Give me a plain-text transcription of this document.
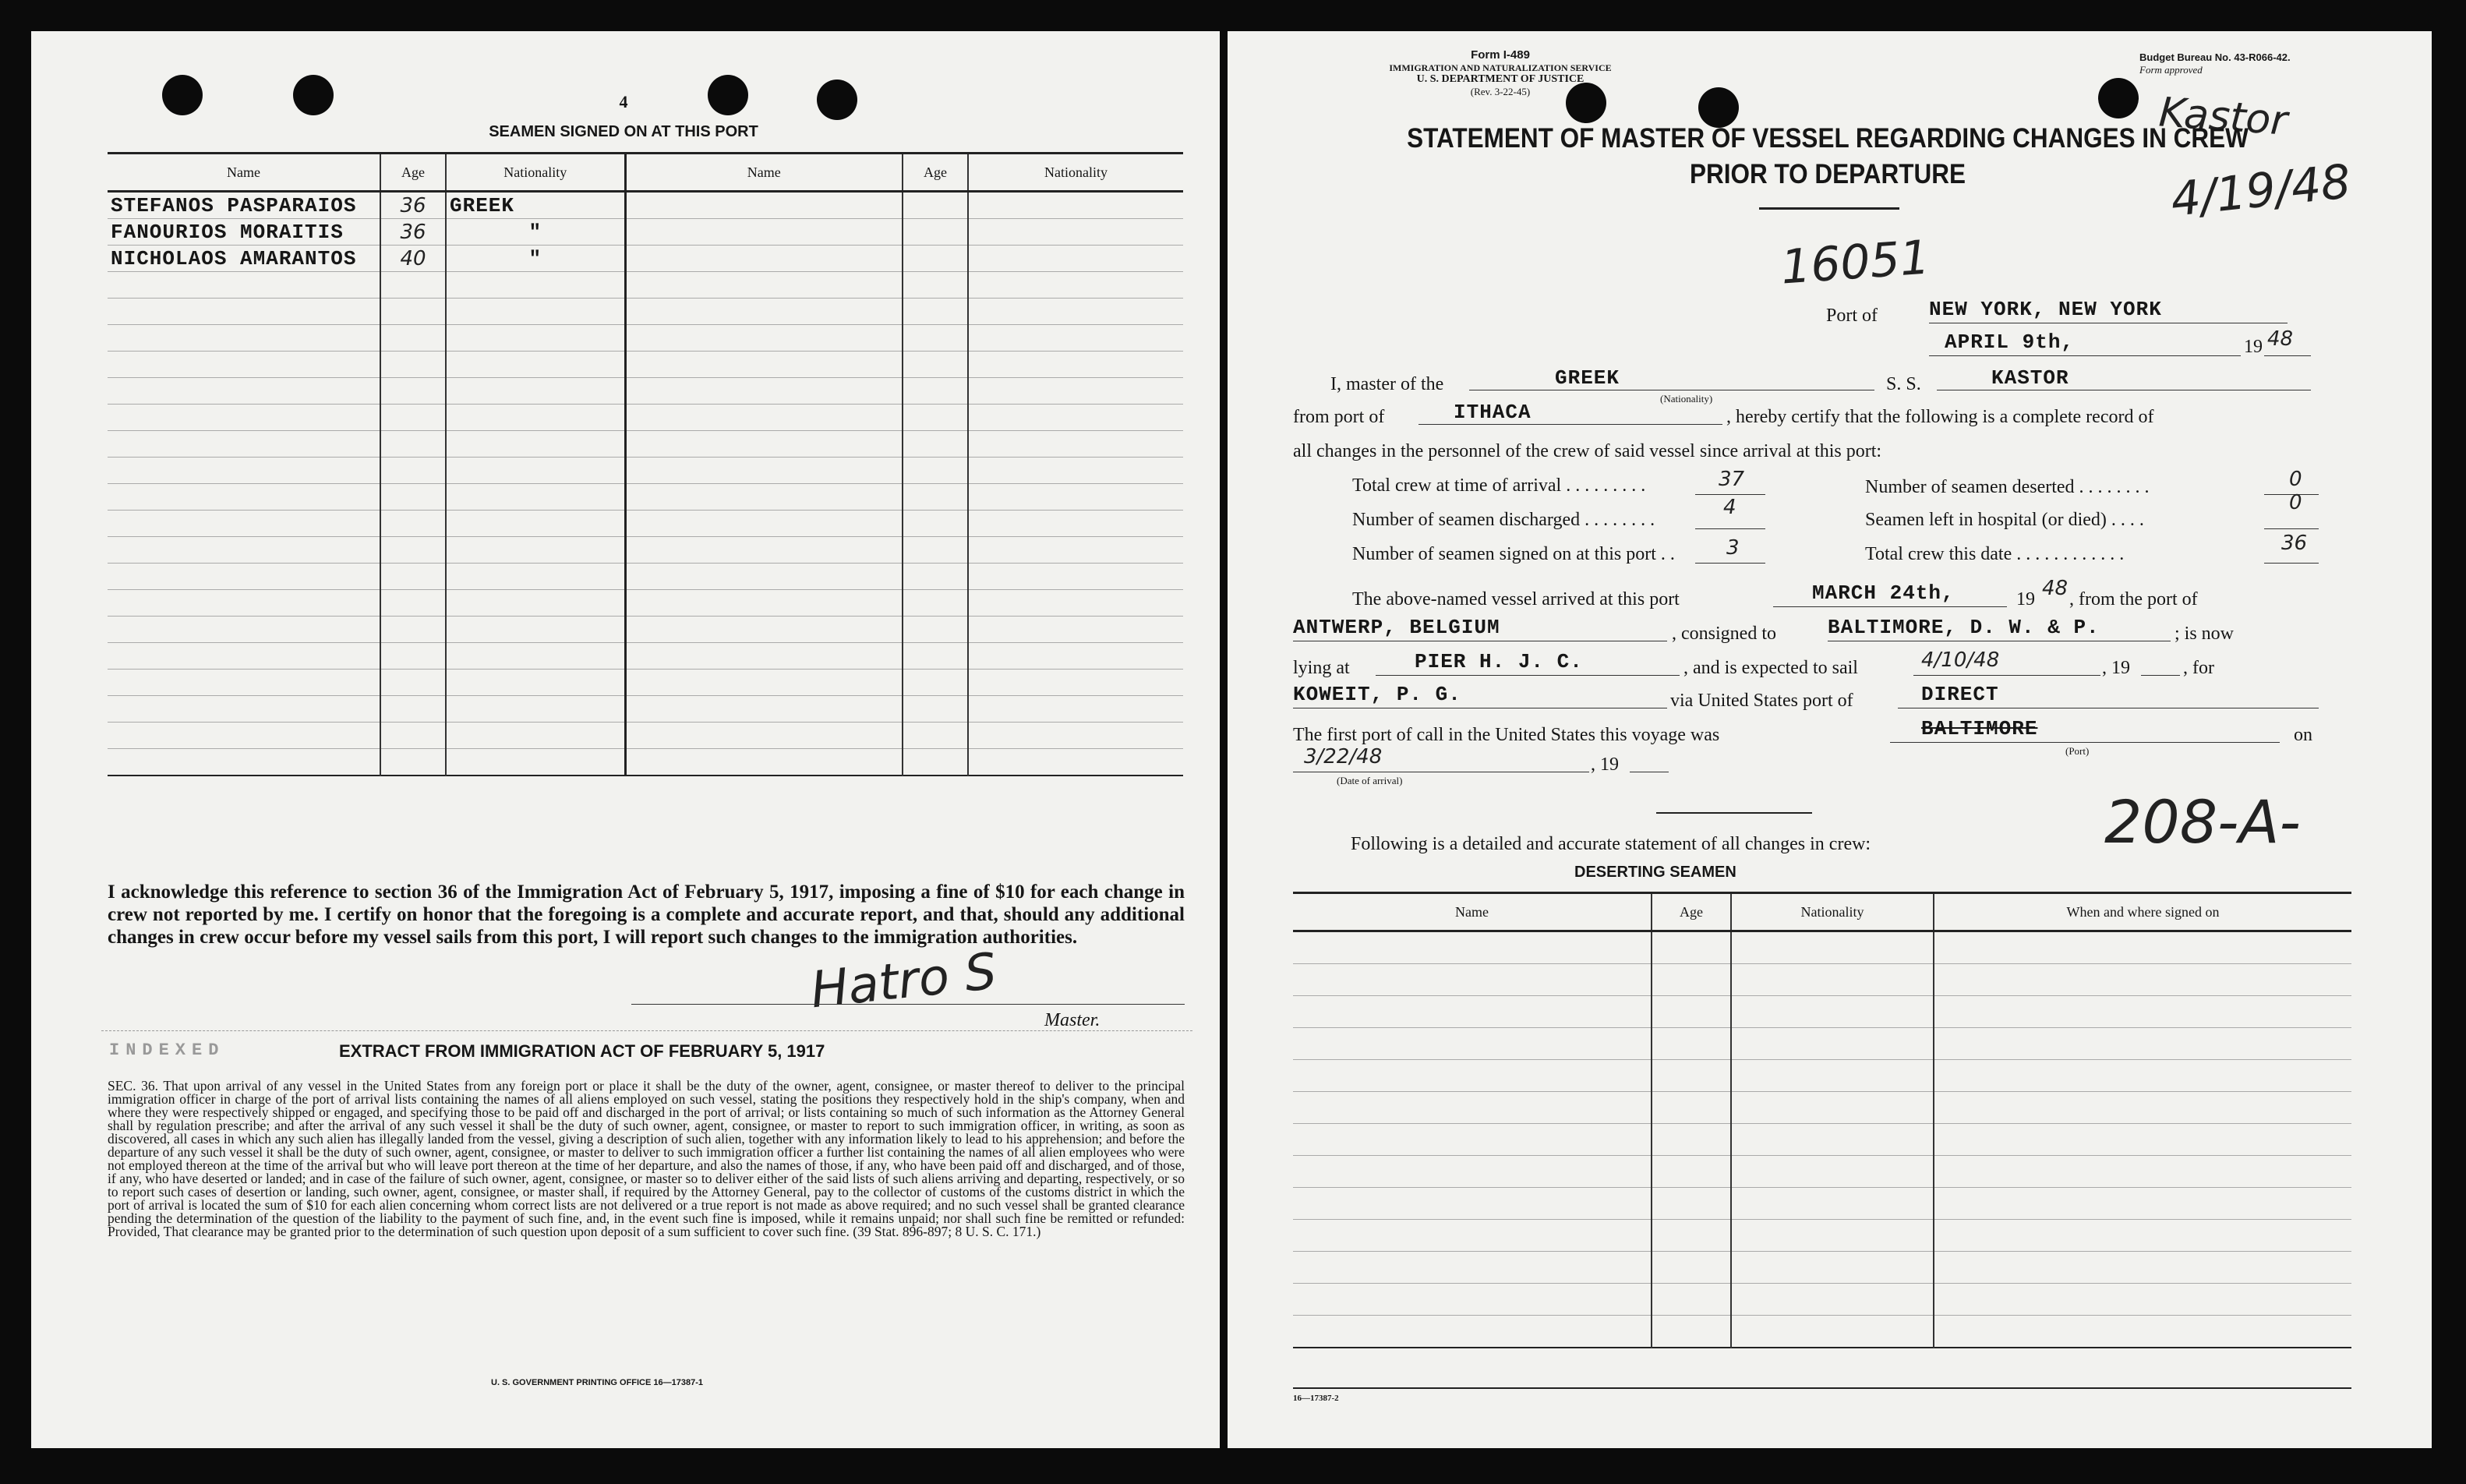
4
SEAMEN SIGNED ON AT THIS PORT
Name	Age	Nationality	Name	Age	Nationality
STEFANOS PASPARAIOS	36	GREEK			
FANOURIOS MORAITIS	36	"			
NICHOLAOS AMARANTOS	40	"			

I acknowledge this reference to section 36 of the Immigration Act of February 5, 1917, imposing a fine of $10 for each change in crew not reported by me. I certify on honor that the foregoing is a complete and accurate report, and that, should any additional changes in crew occur before my vessel sails from this port, I will report such changes to the immigration authorities.
Hatro S
Master.
INDEXED	EXTRACT FROM IMMIGRATION ACT OF FEBRUARY 5, 1917
SEC. 36. That upon arrival of any vessel in the United States from any foreign port or place it shall be the duty of the owner, agent, consignee, or master thereof to deliver to the principal immigration officer in charge of the port of arrival lists containing the names of all aliens employed on such vessel, stating the positions they respectively hold in the ship's company, when and where they were respectively shipped or engaged, and specifying those to be paid off and discharged in the port of arrival; or lists containing so much of such information as the Attorney General shall by regulation prescribe; and after the arrival of any such vessel it shall be the duty of such owner, agent, consignee, or master to report to such immigration officer, in writing, as soon as discovered, all cases in which any such alien has illegally landed from the vessel, giving a description of such alien, together with any information likely to lead to his apprehension; and before the departure of any such vessel it shall be the duty of such owner, agent, consignee, or master to deliver to such immigration officer a further list containing the names of all alien employees who were not employed thereon at the time of the arrival but who will leave port thereon at the time of her departure, and also the names of those, if any, who have been paid off and discharged, and of those, if any, who have deserted or landed; and in case of the failure of such owner, agent, consignee, or master so to deliver either of the said lists of such aliens arriving and departing, respectively, or so to report such cases of desertion or landing, such owner, agent, consignee, or master shall, if required by the Attorney General, pay to the collector of customs of the customs district in which the port of arrival is located the sum of $10 for each alien concerning whom correct lists are not delivered or a true report is not made as above required; and no such vessel shall be granted clearance pending the determination of the question of the liability to the payment of such fine, and, in the event such fine is imposed, while it remains unpaid; nor shall such fine be remitted or refunded: Provided, That clearance may be granted prior to the determination of such question upon deposit of a sum sufficient to cover such fine. (39 Stat. 896-897; 8 U. S. C. 171.)
U. S. GOVERNMENT PRINTING OFFICE 16—17387-1
Form I-489
IMMIGRATION AND NATURALIZATION SERVICE
U. S. DEPARTMENT OF JUSTICE
(Rev. 3-22-45)
Budget Bureau No. 43-R066-42.
Form approved
Kastor
4/19/48
STATEMENT OF MASTER OF VESSEL REGARDING CHANGES IN CREW
PRIOR TO DEPARTURE
16051
Port of	NEW YORK, NEW YORK
APRIL 9th,	19 48
I, master of the	GREEK
(Nationality)
S. S.	KASTOR
from port of	ITHACA	, hereby certify that the following is a complete record of
all changes in the personnel of the crew of said vessel since arrival at this port:
Total crew at time of arrival . . . . . . . . .	37
Number of seamen discharged . . . . . . . .
4
Number of seamen signed on at this port . .	3
Number of seamen deserted . . . . . . . .	0
Seamen left in hospital (or died) . . . .
0
Total crew this date . . . . . . . . . . . .	36
The above-named vessel arrived at this port	MARCH 24th,	19 48 , from the port of
ANTWERP, BELGIUM	, consigned to	BALTIMORE, D. W. & P.	; is now
lying at	PIER H. J. C.	, and is expected to sail	4/10/48	, 19	, for
KOWEIT, P. G.	via United States port of	DIRECT
The first port of call in the United States this voyage was	BALTIMORE
(Port)
on
3/22/48	, 19
(Date of arrival)
208-A-
Following is a detailed and accurate statement of all changes in crew:
DESERTING SEAMEN
Name	Age	Nationality	When and where signed on

16—17387-2
